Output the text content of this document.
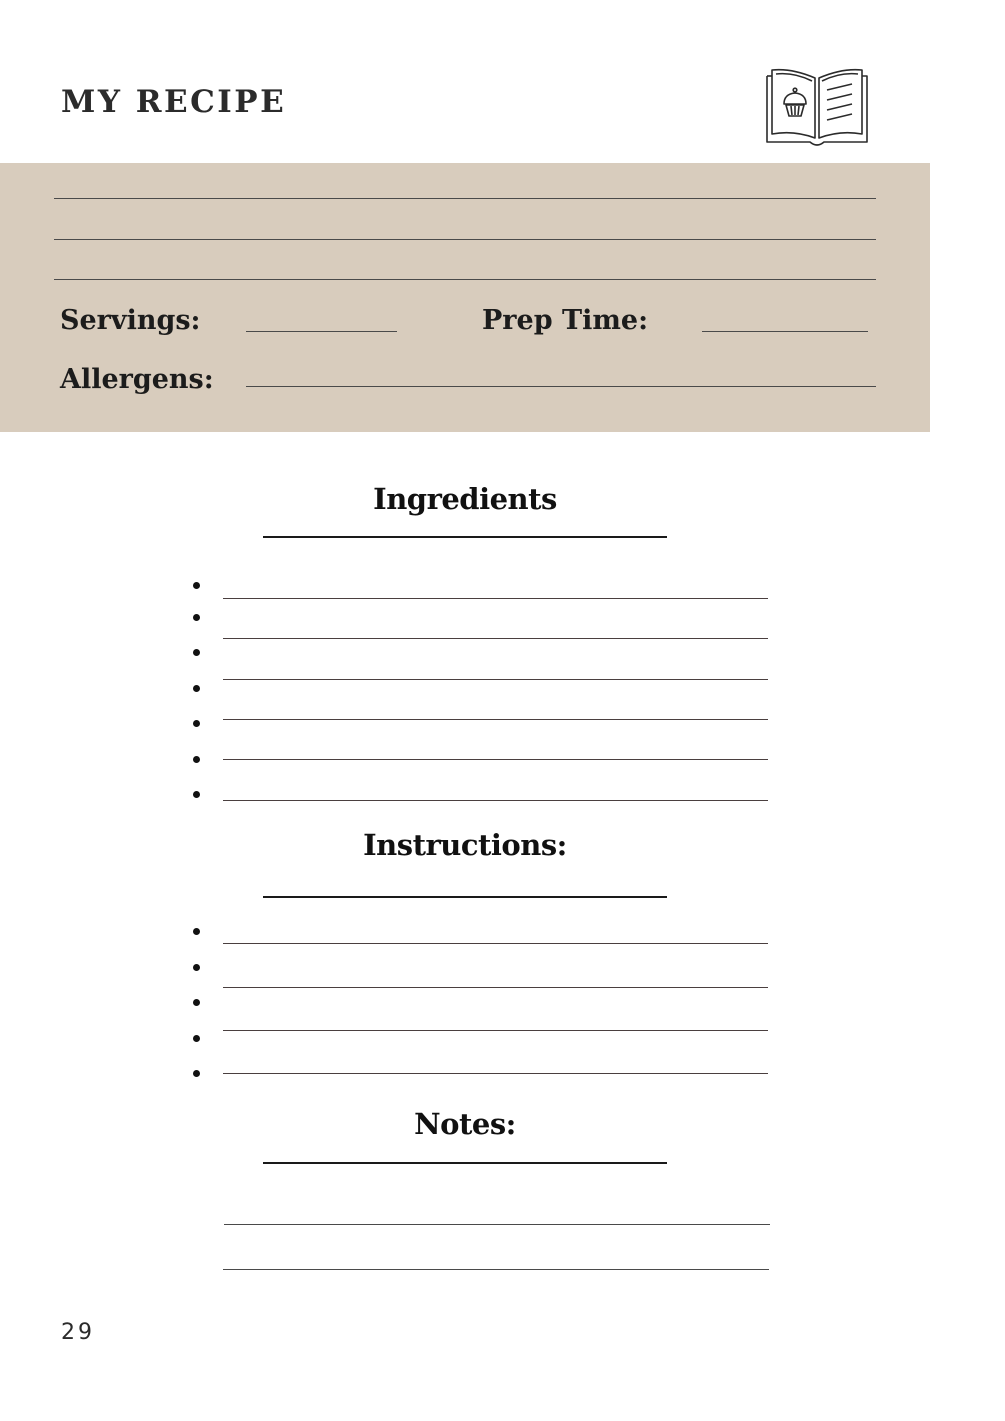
MY RECIPE
Servings:	Prep Time:
Allergens:
Ingredients
Instructions:
Notes:
29
